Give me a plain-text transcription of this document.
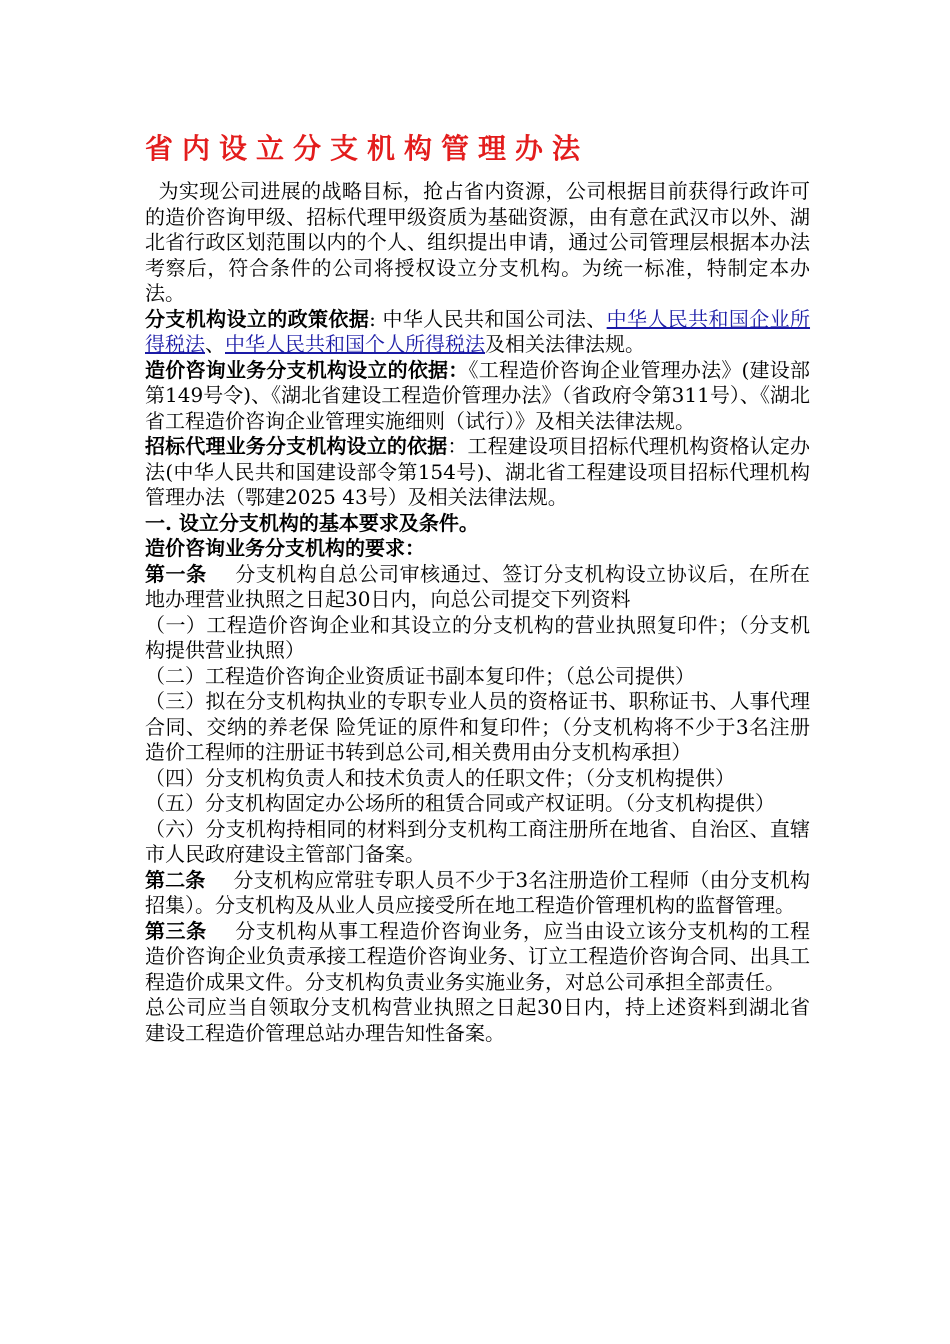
省内设立分支机构管理办法

为实现公司进展的战略目标，抢占省内资源，公司根据目前获得行政许可的造价咨询甲级、招标代理甲级资质为基础资源，由有意在武汉市以外、湖北省行政区划范围以内的个人、组织提出申请，通过公司管理层根据本办法考察后，符合条件的公司将授权设立分支机构。为统一标准，特制定本办法。

分支机构设立的政策依据: 中华人民共和国公司法、中华人民共和国企业所得税法、中华人民共和国个人所得税法及相关法律法规。

造价咨询业务分支机构设立的依据：《工程造价咨询企业管理办法》(建设部第149号令)、《湖北省建设工程造价管理办法》（省政府令第311号）、《湖北省工程造价咨询企业管理实施细则（试行）》及相关法律法规。

招标代理业务分支机构设立的依据：工程建设项目招标代理机构资格认定办法(中华人民共和国建设部令第154号)、湖北省工程建设项目招标代理机构管理办法（鄂建2025 43号）及相关法律法规。

一. 设立分支机构的基本要求及条件。

造价咨询业务分支机构的要求：

第一条 分支机构自总公司审核通过、签订分支机构设立协议后，在所在地办理营业执照之日起30日内，向总公司提交下列资料

（一）工程造价咨询企业和其设立的分支机构的营业执照复印件；（分支机构提供营业执照）

（二）工程造价咨询企业资质证书副本复印件；（总公司提供）

（三）拟在分支机构执业的专职专业人员的资格证书、职称证书、人事代理合同、交纳的养老保 险凭证的原件和复印件；（分支机构将不少于3名注册造价工程师的注册证书转到总公司,相关费用由分支机构承担）

（四）分支机构负责人和技术负责人的任职文件；（分支机构提供）

（五）分支机构固定办公场所的租赁合同或产权证明。（分支机构提供）

（六）分支机构持相同的材料到分支机构工商注册所在地省、自治区、直辖市人民政府建设主管部门备案。

第二条 分支机构应常驻专职人员不少于3名注册造价工程师（由分支机构招集）。分支机构及从业人员应接受所在地工程造价管理机构的监督管理。

第三条 分支机构从事工程造价咨询业务，应当由设立该分支机构的工程造价咨询企业负责承接工程造价咨询业务、订立工程造价咨询合同、出具工程造价成果文件。分支机构负责业务实施业务，对总公司承担全部责任。

总公司应当自领取分支机构营业执照之日起30日内，持上述资料到湖北省建设工程造价管理总站办理告知性备案。
